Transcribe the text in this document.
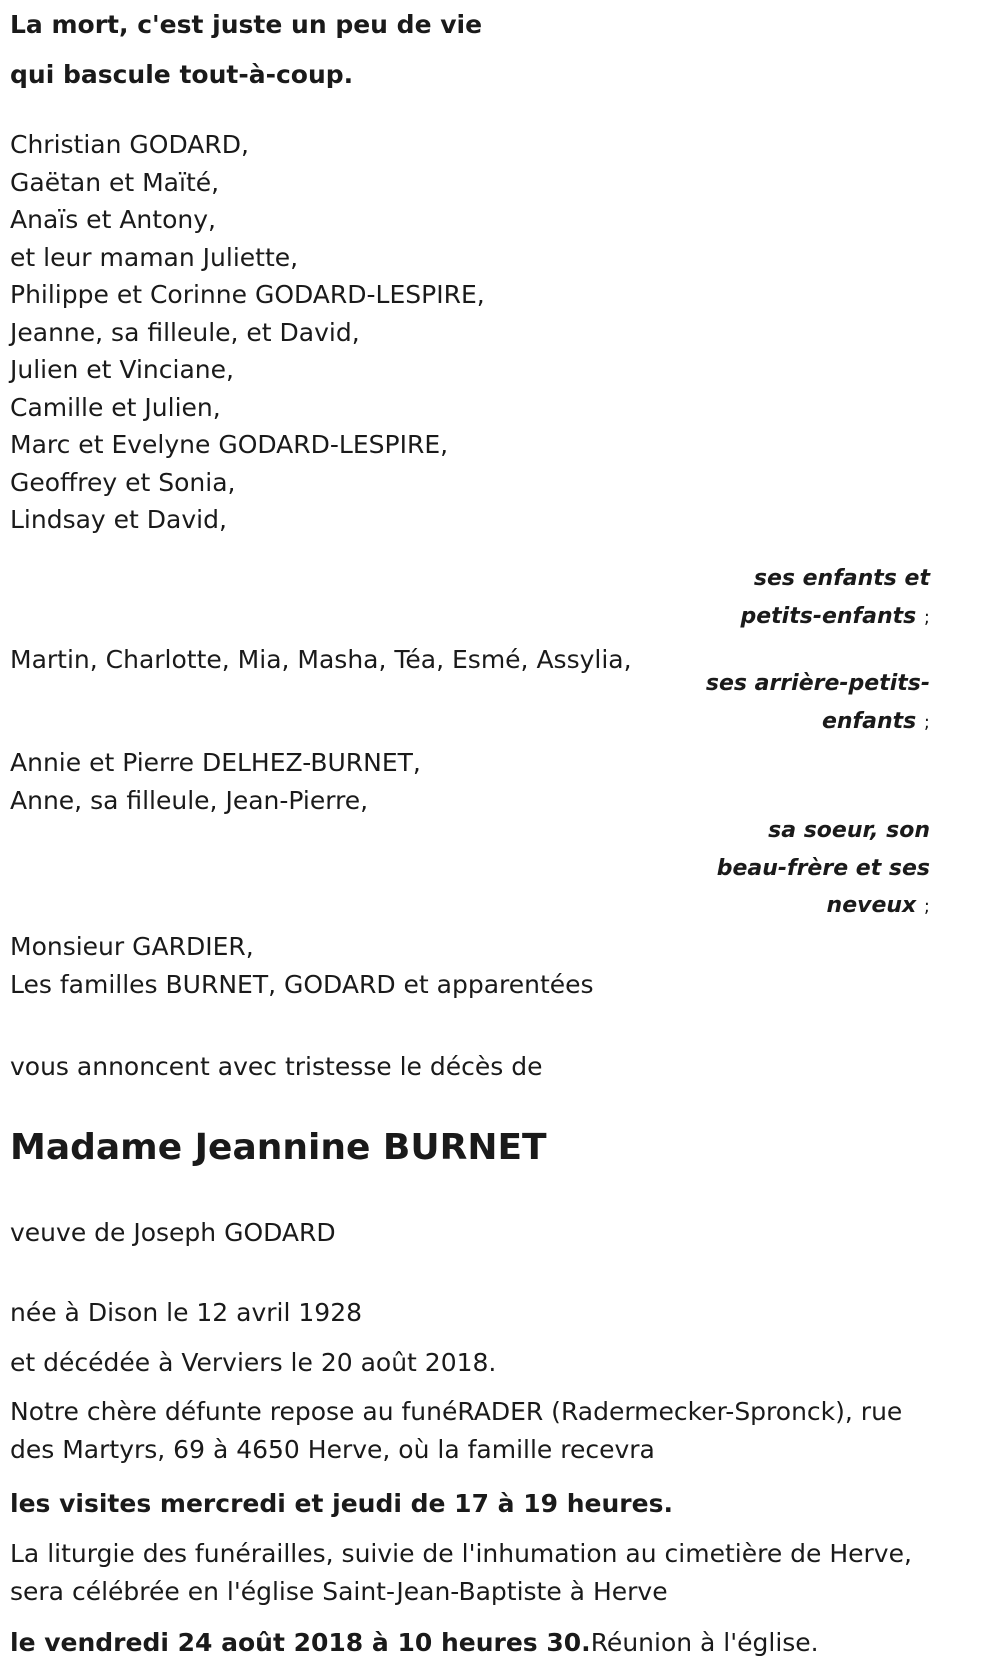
La mort, c'est juste un peu de vie
qui bascule tout-à-coup.
Christian GODARD,
Gaëtan et Maïté,
Anaïs et Antony,
et leur maman Juliette,
Philippe et Corinne GODARD-LESPIRE,
Jeanne, sa filleule, et David,
Julien et Vinciane,
Camille et Julien,
Marc et Evelyne GODARD-LESPIRE,
Geoffrey et Sonia,
Lindsay et David,
ses enfants et
petits-enfants ;
Martin, Charlotte, Mia, Masha, Téa, Esmé, Assylia,
ses arrière-petits-
enfants ;
Annie et Pierre DELHEZ-BURNET,
Anne, sa filleule, Jean-Pierre,
sa soeur, son
beau-frère et ses
neveux ;
Monsieur GARDIER,
Les familles BURNET, GODARD et apparentées
vous annoncent avec tristesse le décès de
Madame Jeannine BURNET
veuve de Joseph GODARD
née à Dison le 12 avril 1928
et décédée à Verviers le 20 août 2018.
Notre chère défunte repose au funéRADER (Radermecker-Spronck), rue
des Martyrs, 69 à 4650 Herve, où la famille recevra
les visites mercredi et jeudi de 17 à 19 heures.
La liturgie des funérailles, suivie de l'inhumation au cimetière de Herve,
sera célébrée en l'église Saint-Jean-Baptiste à Herve
le vendredi 24 août 2018 à 10 heures 30.Réunion à l'église.
